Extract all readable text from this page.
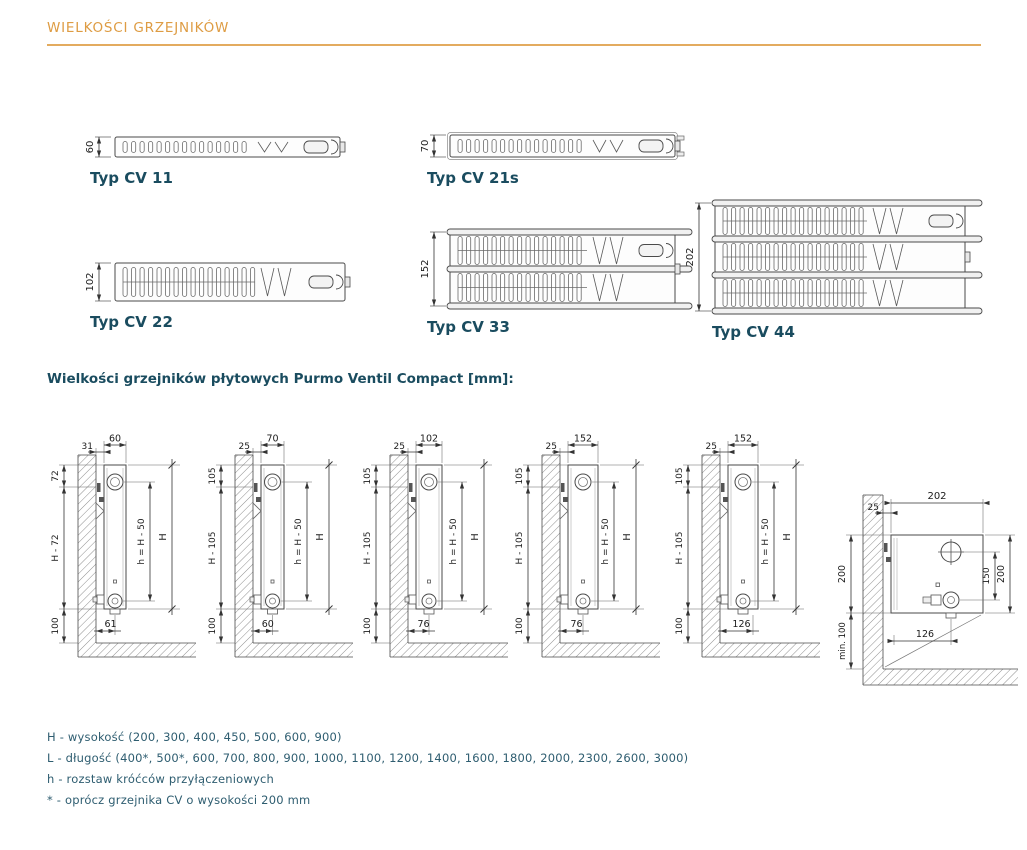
WIELKOŚCI GRZEJNIKÓW
60
Typ CV 11
70
Typ CV 21s
102
Typ CV 22
152
Typ CV 33
202
Typ CV 44
Wielkości grzejników płytowych Purmo Ventil Compact [mm]:
60
31
72
H - 72
100
h = H - 50 H
61
70
25
105
H - 105
100
h = H - 50 H
60
102
25
105
H - 105
100
h = H - 50 H
76
152
25
105
H - 105
100
h = H - 50 H
76
152
25
105
H - 105
100
h = H - 50 H
126
202
25
200
min. 100
150 200
126

H - wysokość (200, 300, 400, 450, 500, 600, 900)

L - długość (400*, 500*, 600, 700, 800, 900, 1000, 1100, 1200, 1400, 1600, 1800, 2000, 2300, 2600, 3000)

h - rozstaw króćców przyłączeniowych

* - oprócz grzejnika CV o wysokości 200 mm
